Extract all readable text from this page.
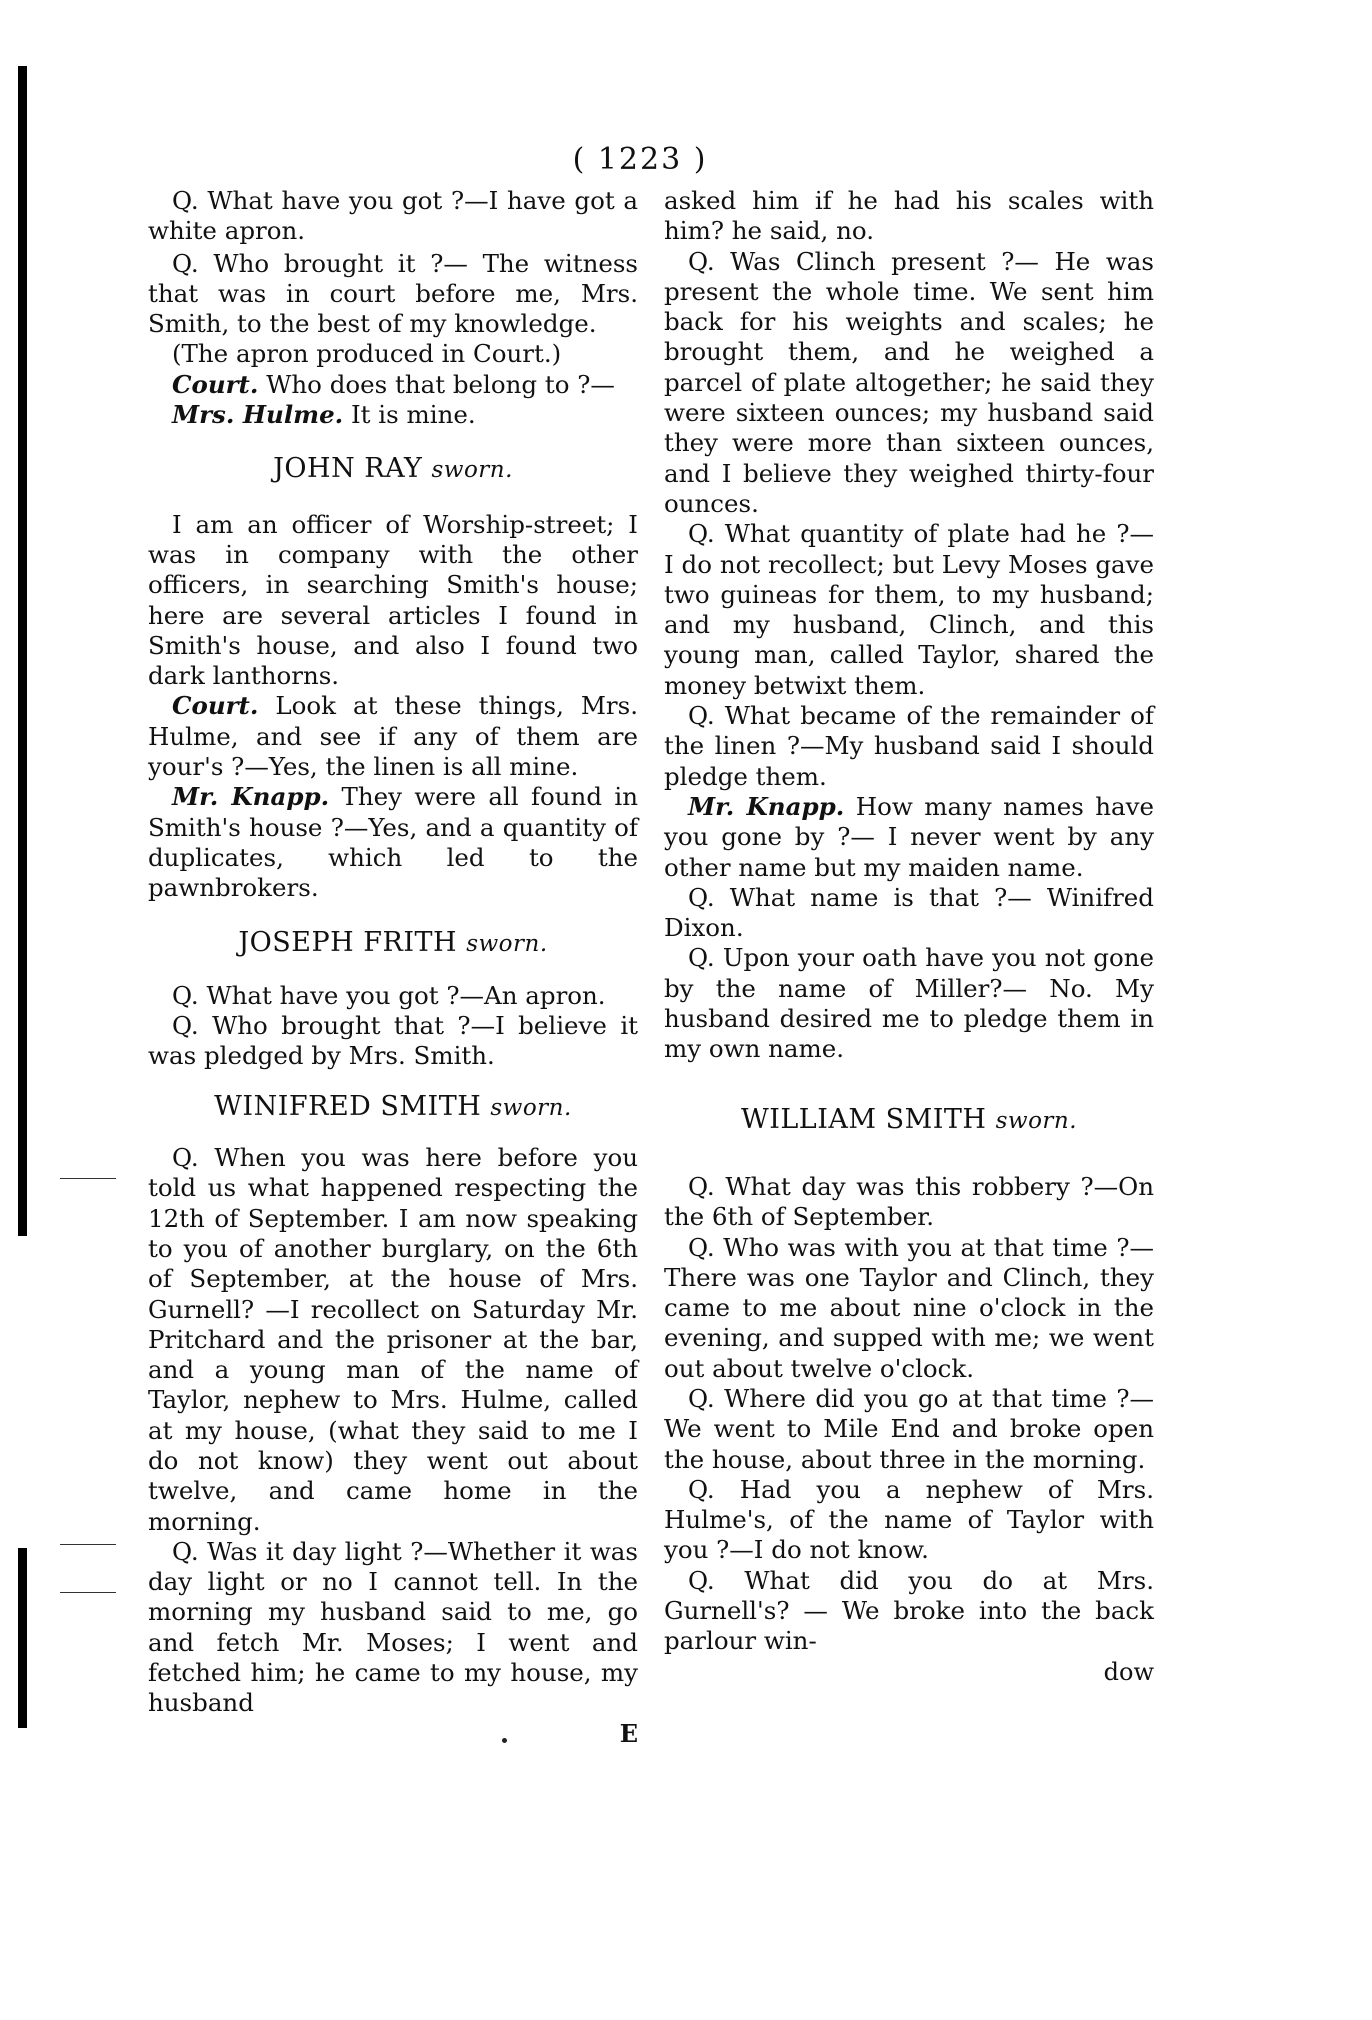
( 1223 )

Q. What have you got ?—I have got a white apron.

Q. Who brought it ?— The witness that was in court before me, Mrs. Smith, to the best of my knowledge.

(The apron produced in Court.)

Court. Who does that belong to ?—

Mrs. Hulme. It is mine.

JOHN RAY sworn.

I am an officer of Worship-street; I was in company with the other officers, in searching Smith's house; here are several articles I found in Smith's house, and also I found two dark lanthorns.

Court. Look at these things, Mrs. Hulme, and see if any of them are your's ?—Yes, the linen is all mine.

Mr. Knapp. They were all found in Smith's house ?—Yes, and a quantity of duplicates, which led to the pawnbrokers.

JOSEPH FRITH sworn.

Q. What have you got ?—An apron.

Q. Who brought that ?—I believe it was pledged by Mrs. Smith.

WINIFRED SMITH sworn.

Q. When you was here before you told us what happened respecting the 12th of September. I am now speaking to you of another burglary, on the 6th of September, at the house of Mrs. Gurnell? —I recollect on Saturday Mr. Pritchard and the prisoner at the bar, and a young man of the name of Taylor, nephew to Mrs. Hulme, called at my house, (what they said to me I do not know) they went out about twelve, and came home in the morning.

Q. Was it day light ?—Whether it was day light or no I cannot tell. In the morning my husband said to me, go and fetch Mr. Moses; I went and fetched him; he came to my house, my husband

E

asked him if he had his scales with him? he said, no.

Q. Was Clinch present ?— He was present the whole time. We sent him back for his weights and scales; he brought them, and he weighed a parcel of plate altogether; he said they were sixteen ounces; my husband said they were more than sixteen ounces, and I believe they weighed thirty-four ounces.

Q. What quantity of plate had he ?— I do not recollect; but Levy Moses gave two guineas for them, to my husband; and my husband, Clinch, and this young man, called Taylor, shared the money betwixt them.

Q. What became of the remainder of the linen ?—My husband said I should pledge them.

Mr. Knapp. How many names have you gone by ?— I never went by any other name but my maiden name.

Q. What name is that ?— Winifred Dixon.

Q. Upon your oath have you not gone by the name of Miller?— No. My husband desired me to pledge them in my own name.

WILLIAM SMITH sworn.

Q. What day was this robbery ?—On the 6th of September.

Q. Who was with you at that time ?— There was one Taylor and Clinch, they came to me about nine o'clock in the evening, and supped with me; we went out about twelve o'clock.

Q. Where did you go at that time ?— We went to Mile End and broke open the house, about three in the morning.

Q. Had you a nephew of Mrs. Hulme's, of the name of Taylor with you ?—I do not know.

Q. What did you do at Mrs. Gurnell's? — We broke into the back parlour win-

dow
